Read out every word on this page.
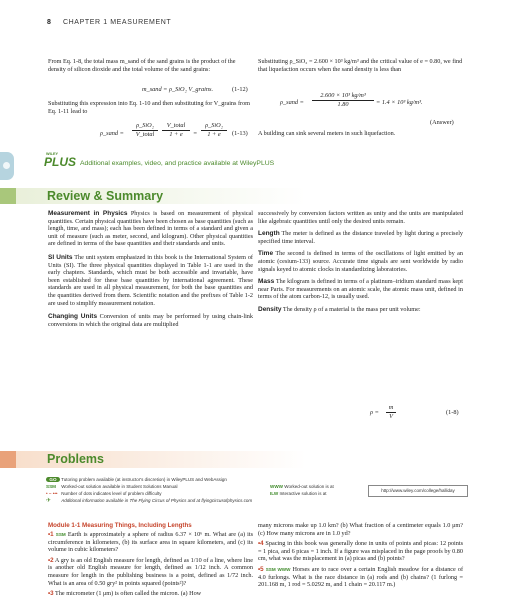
8 CHAPTER 1 MEASUREMENT
From Eq. 1-8, the total mass m_sand of the sand grains is the product of the density of silicon dioxide and the total volume of the sand grains:
m_sand = ρ_SiO₂ V_grains.	(1-12)
Substituting this expression into Eq. 1-10 and then substituting for V_grains from Eq. 1-11 lead to
ρ_sand =
ρ_SiO₂
V_total
V_total
1 + e	=
ρ_SiO₂
1 + e	(1-13)
Substituting ρ_SiO₂ = 2.600 × 10³ kg/m³ and the critical value of e = 0.80, we find that liquefaction occurs when the sand density is less than
ρ_sand = $\frac{\text{2.600 × 10³ kg/m³}}{1.80} = 1.4 \times 10^3$ kg/m³.
(Answer)
A building can sink several meters in such liquefaction.
WILEY
PLUS Additional examples, video, and practice available at WileyPLUS
Review & Summary
Measurement in Physics Physics is based on measurement of physical quantities. Certain physical quantities have been chosen as base quantities (such as length, time, and mass); each has been defined in terms of a standard and given a unit of measure (such as meter, second, and kilogram). Other physical quantities are defined in terms of the base quantities and their standards and units.
SI Units The unit system emphasized in this book is the International System of Units (SI). The three physical quantities displayed in Table 1-1 are used in the early chapters. Standards, which must be both accessible and invariable, have been established for these base quantities by international agreement. These standards are used in all physical measurement, for both the base quantities and the quantities derived from them. Scientific notation and the prefixes of Table 1-2 are used to simplify measurement notation.
Changing Units Conversion of units may be performed by using chain-link conversions in which the original data are multiplied
successively by conversion factors written as unity and the units are manipulated like algebraic quantities until only the desired units remain.
Length The meter is defined as the distance traveled by light during a precisely specified time interval.
Time The second is defined in terms of the oscillations of light emitted by an atomic (cesium-133) source. Accurate time signals are sent worldwide by radio signals keyed to atomic clocks in standardizing laboratories.
Mass The kilogram is defined in terms of a platinum–iridium standard mass kept near Paris. For measurements on an atomic scale, the atomic mass unit, defined in terms of the atom carbon-12, is usually used.
Density The density ρ of a material is the mass per unit volume:
$\rho = \frac{m}{V}$	(1-8)
Problems
GO Tutoring problem available (at instructor's discretion) in WileyPLUS and WebAssign
SSM Worked-out solution available in Student Solutions Manual
• – ••• Number of dots indicates level of problem difficulty
✈ Additional information available in The Flying Circus of Physics and at flyingcircusofphysics.com
WWW Worked-out solution is at
ILW Interactive solution is at
http://www.wiley.com/college/halliday
Module 1-1 Measuring Things, Including Lengths
•1 SSM Earth is approximately a sphere of radius 6.37 × 10⁶ m. What are (a) its circumference in kilometers, (b) its surface area in square kilometers, and (c) its volume in cubic kilometers?
•2 A gry is an old English measure for length, defined as 1/10 of a line, where line is another old English measure for length, defined as 1/12 inch. A common measure for length in the publishing business is a point, defined as 1/72 inch. What is an area of 0.50 gry² in points squared (points²)?
•3 The micrometer (1 μm) is often called the micron. (a) How
many microns make up 1.0 km? (b) What fraction of a centimeter equals 1.0 μm? (c) How many microns are in 1.0 yd?
•4 Spacing in this book was generally done in units of points and picas: 12 points = 1 pica, and 6 picas = 1 inch. If a figure was misplaced in the page proofs by 0.80 cm, what was the misplacement in (a) picas and (b) points?
•5 SSM WWW Horses are to race over a certain English meadow for a distance of 4.0 furlongs. What is the race distance in (a) rods and (b) chains? (1 furlong = 201.168 m, 1 rod = 5.0292 m, and 1 chain = 20.117 m.)
